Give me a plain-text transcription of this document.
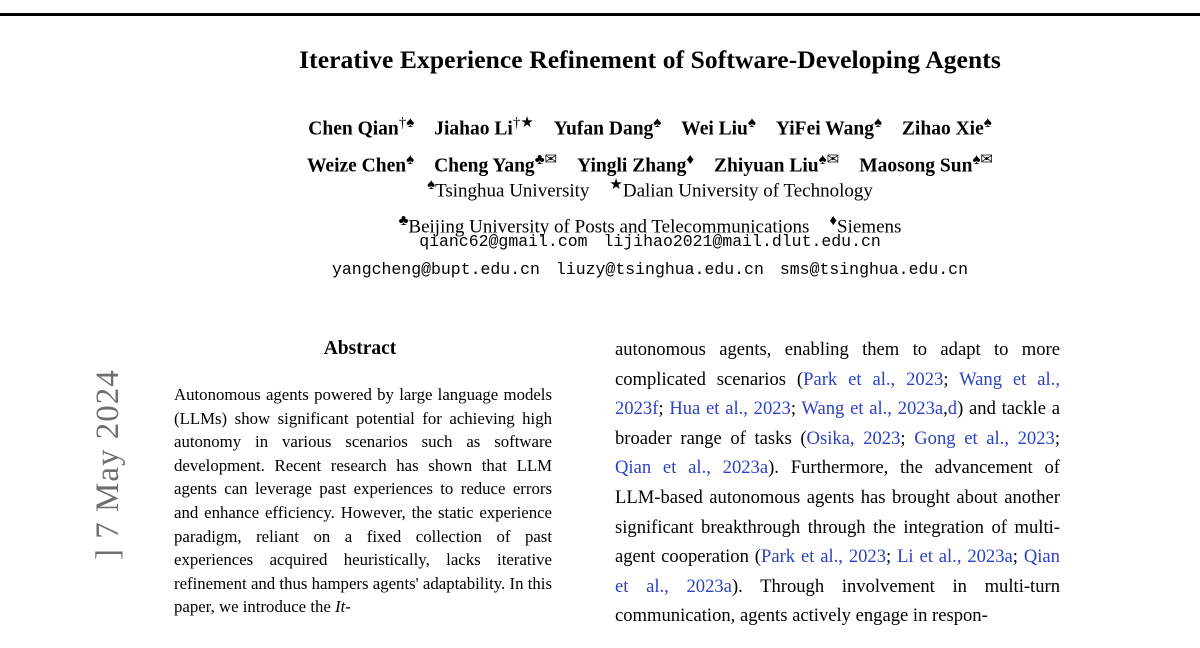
] 7 May 2024
Iterative Experience Refinement of Software-Developing Agents
Chen Qian†♠ Jiahao Li†★ Yufan Dang♠ Wei Liu♠ YiFei Wang♠ Zihao Xie♠
Weize Chen♠ Cheng Yang♣✉ Yingli Zhang♦ Zhiyuan Liu♠✉ Maosong Sun♠✉
♠Tsinghua University ★Dalian University of Technology
♣Beijing University of Posts and Telecommunications ♦Siemens
qianc62@gmail.com lijihao2021@mail.dlut.edu.cn
yangcheng@bupt.edu.cn liuzy@tsinghua.edu.cn sms@tsinghua.edu.cn
Abstract
Autonomous agents powered by large language models (LLMs) show significant potential for achieving high autonomy in various scenarios such as software development. Recent research has shown that LLM agents can leverage past experiences to reduce errors and enhance efficiency. However, the static experience paradigm, reliant on a fixed collection of past experiences acquired heuristically, lacks iterative refinement and thus hampers agents' adaptability. In this paper, we introduce the It-
autonomous agents, enabling them to adapt to more complicated scenarios (Park et al., 2023; Wang et al., 2023f; Hua et al., 2023; Wang et al., 2023a,d) and tackle a broader range of tasks (Osika, 2023; Gong et al., 2023; Qian et al., 2023a). Furthermore, the advancement of LLM-based autonomous agents has brought about another significant breakthrough through the integration of multi-agent cooperation (Park et al., 2023; Li et al., 2023a; Qian et al., 2023a). Through involvement in multi-turn communication, agents actively engage in respon-
